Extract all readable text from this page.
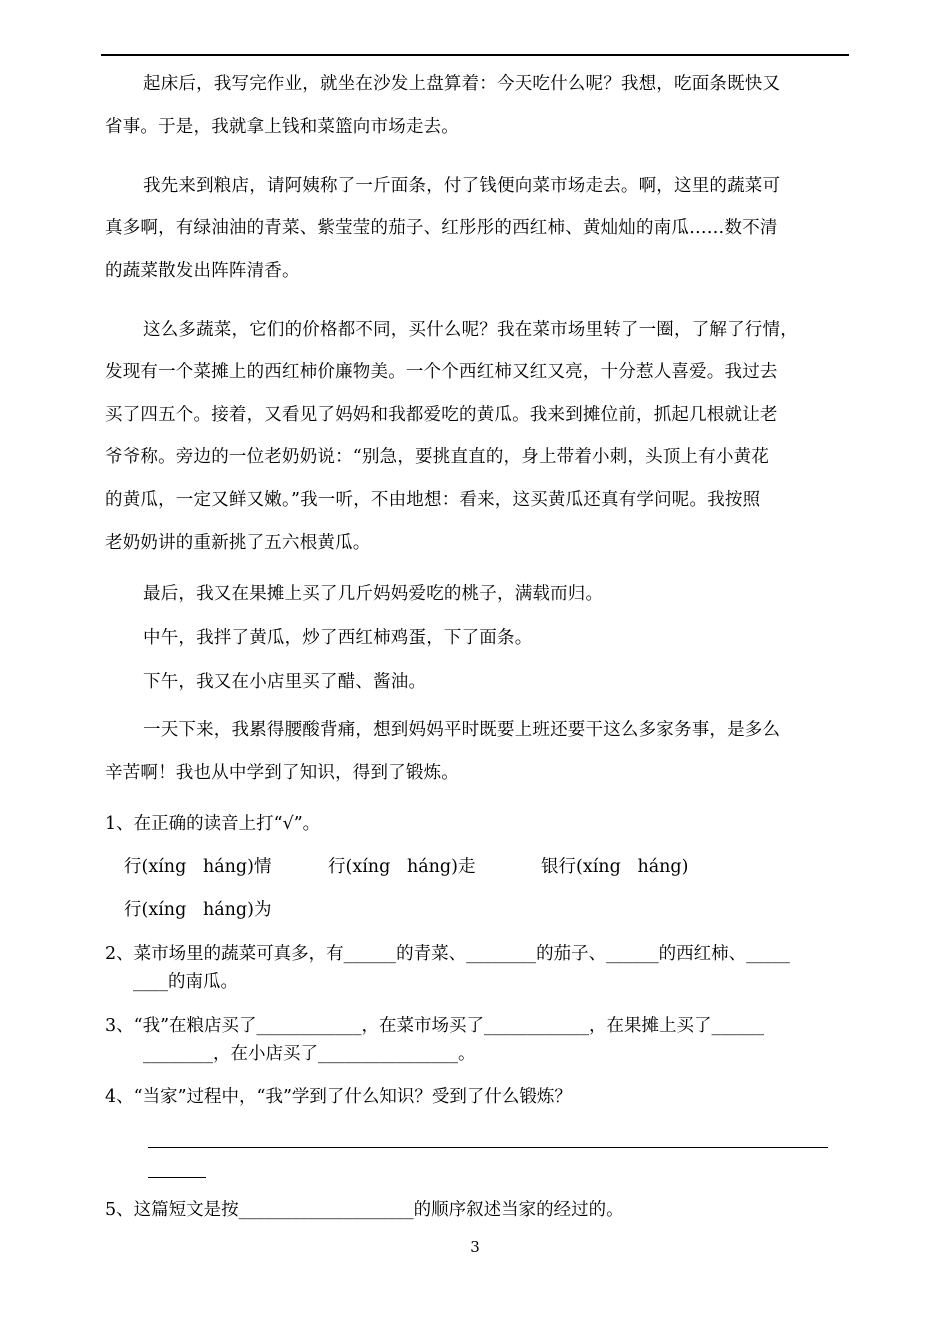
起床后，我写完作业，就坐在沙发上盘算着：今天吃什么呢？我想，吃面条既快又
省事。于是，我就拿上钱和菜篮向市场走去。
我先来到粮店，请阿姨称了一斤面条，付了钱便向菜市场走去。啊，这里的蔬菜可
真多啊，有绿油油的青菜、紫莹莹的茄子、红彤彤的西红柿、黄灿灿的南瓜……数不清
的蔬菜散发出阵阵清香。
这么多蔬菜，它们的价格都不同，买什么呢？我在菜市场里转了一圈，了解了行情，
发现有一个菜摊上的西红柿价廉物美。一个个西红柿又红又亮，十分惹人喜爱。我过去
买了四五个。接着，又看见了妈妈和我都爱吃的黄瓜。我来到摊位前，抓起几根就让老
爷爷称。旁边的一位老奶奶说：“别急，要挑直直的，身上带着小刺，头顶上有小黄花
的黄瓜，一定又鲜又嫩。”我一听，不由地想：看来，这买黄瓜还真有学问呢。我按照
老奶奶讲的重新挑了五六根黄瓜。
最后，我又在果摊上买了几斤妈妈爱吃的桃子，满载而归。
中午，我拌了黄瓜，炒了西红柿鸡蛋，下了面条。
下午，我又在小店里买了醋、酱油。
一天下来，我累得腰酸背痛，想到妈妈平时既要上班还要干这么多家务事，是多么
辛苦啊！我也从中学到了知识，得到了锻炼。
1、在正确的读音上打“√”。
行(xíng   háng)情	行(xíng   háng)走	银行(xíng   háng)
行(xíng   háng)为
2、菜市场里的蔬菜可真多，有______的青菜、________的茄子、______的西红柿、_____
____的南瓜。
3、“我”在粮店买了____________，在菜市场买了____________，在果摊上买了______
________，在小店买了________________。
4、“当家”过程中，“我”学到了什么知识？受到了什么锻炼？
5、这篇短文是按____________________的顺序叙述当家的经过的。
3
